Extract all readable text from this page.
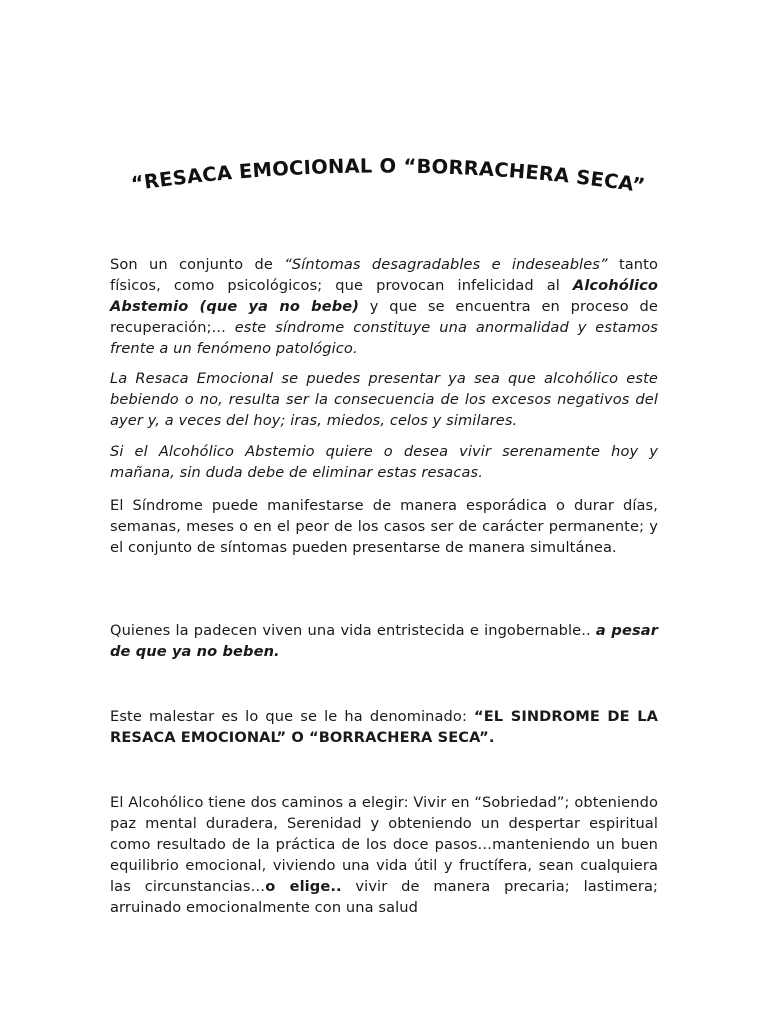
“RESACA EMOCIONAL O “BORRACHERA SECA”

Son un conjunto de “Síntomas desagradables e indeseables” tanto físicos, como psicológicos; que provocan infelicidad al Alcohólico Abstemio (que ya no bebe) y que se encuentra en proceso de recuperación;... este síndrome constituye una anormalidad y estamos frente a un fenómeno patológico.

La Resaca Emocional se puedes presentar ya sea que alcohólico este bebiendo o no, resulta ser la consecuencia de los excesos negativos del ayer y, a veces del hoy; iras, miedos, celos y similares.

Si el Alcohólico Abstemio quiere o desea vivir serenamente hoy y mañana, sin duda debe de eliminar estas resacas.

El Síndrome puede manifestarse de manera esporádica o durar días, semanas, meses o en el peor de los casos ser de carácter permanente; y el conjunto de síntomas pueden presentarse de manera simultánea.

Quienes la padecen viven una vida entristecida e ingobernable.. a pesar de que ya no beben.

Este malestar es lo que se le ha denominado: “EL SINDROME DE LA RESACA EMOCIONAL” O “BORRACHERA SECA”.

El Alcohólico tiene dos caminos a elegir: Vivir en “Sobriedad”; obteniendo paz mental duradera, Serenidad y obteniendo un despertar espiritual como resultado de la práctica de los doce pasos…manteniendo un buen equilibrio emocional, viviendo una vida útil y fructífera, sean cualquiera las circunstancias…o elige.. vivir de manera precaria; lastimera; arruinado emocionalmente con una salud
